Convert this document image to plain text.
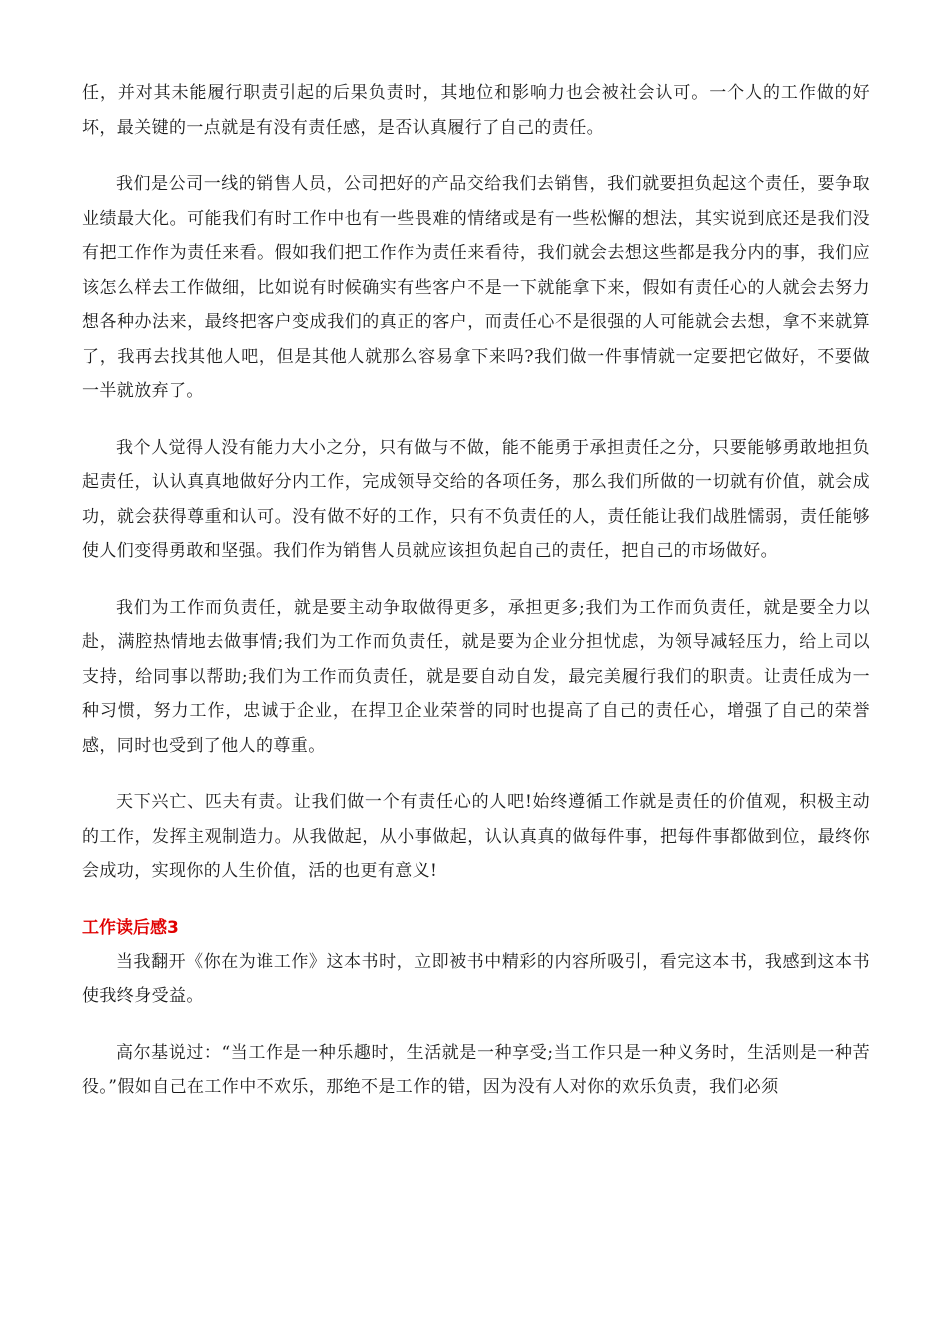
任，并对其未能履行职责引起的后果负责时，其地位和影响力也会被社会认可。一个人的工作做的好坏，最关键的一点就是有没有责任感，是否认真履行了自己的责任。

我们是公司一线的销售人员，公司把好的产品交给我们去销售，我们就要担负起这个责任，要争取业绩最大化。可能我们有时工作中也有一些畏难的情绪或是有一些松懈的想法，其实说到底还是我们没有把工作作为责任来看。假如我们把工作作为责任来看待，我们就会去想这些都是我分内的事，我们应该怎么样去工作做细，比如说有时候确实有些客户不是一下就能拿下来，假如有责任心的人就会去努力想各种办法来，最终把客户变成我们的真正的客户，而责任心不是很强的人可能就会去想，拿不来就算了，我再去找其他人吧，但是其他人就那么容易拿下来吗?我们做一件事情就一定要把它做好，不要做一半就放弃了。

我个人觉得人没有能力大小之分，只有做与不做，能不能勇于承担责任之分，只要能够勇敢地担负起责任，认认真真地做好分内工作，完成领导交给的各项任务，那么我们所做的一切就有价值，就会成功，就会获得尊重和认可。没有做不好的工作，只有不负责任的人，责任能让我们战胜懦弱，责任能够使人们变得勇敢和坚强。我们作为销售人员就应该担负起自己的责任，把自己的市场做好。

我们为工作而负责任，就是要主动争取做得更多，承担更多;我们为工作而负责任，就是要全力以赴，满腔热情地去做事情;我们为工作而负责任，就是要为企业分担忧虑，为领导减轻压力，给上司以支持，给同事以帮助;我们为工作而负责任，就是要自动自发，最完美履行我们的职责。让责任成为一种习惯，努力工作，忠诚于企业，在捍卫企业荣誉的同时也提高了自己的责任心，增强了自己的荣誉感，同时也受到了他人的尊重。

天下兴亡、匹夫有责。让我们做一个有责任心的人吧!始终遵循工作就是责任的价值观，积极主动的工作，发挥主观制造力。从我做起，从小事做起，认认真真的做每件事，把每件事都做到位，最终你会成功，实现你的人生价值，活的也更有意义!

工作读后感3

当我翻开《你在为谁工作》这本书时，立即被书中精彩的内容所吸引，看完这本书，我感到这本书使我终身受益。

高尔基说过：“当工作是一种乐趣时，生活就是一种享受;当工作只是一种义务时，生活则是一种苦役。”假如自己在工作中不欢乐，那绝不是工作的错，因为没有人对你的欢乐负责，我们必须
